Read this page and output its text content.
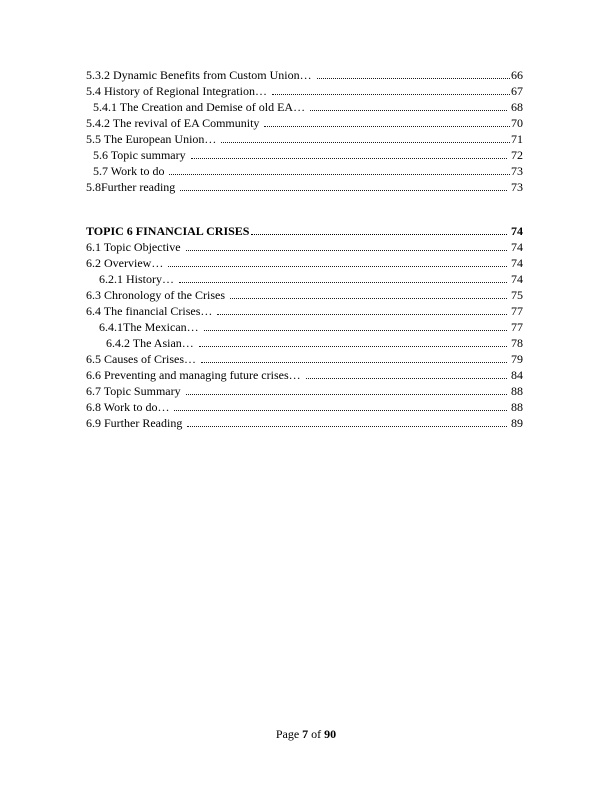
5.3.2 Dynamic Benefits from Custom Union…	66
5.4 History of Regional Integration…	67
5.4.1 The Creation and Demise of old EA…	68
5.4.2 The revival of EA Community	70
5.5 The European Union…	71
5.6 Topic summary	72
5.7 Work to do	73
5.8Further reading	73
TOPIC 6 FINANCIAL CRISES	74
6.1 Topic Objective	74
6.2 Overview…	74
6.2.1 History…	74
6.3 Chronology of the Crises	75
6.4 The financial Crises…	77
6.4.1The Mexican…	77
6.4.2 The Asian…	78
6.5 Causes of Crises…	79
6.6 Preventing and managing future crises…	84
6.7 Topic Summary	88
6.8 Work to do…	88
6.9 Further Reading	89
Page 7 of 90
